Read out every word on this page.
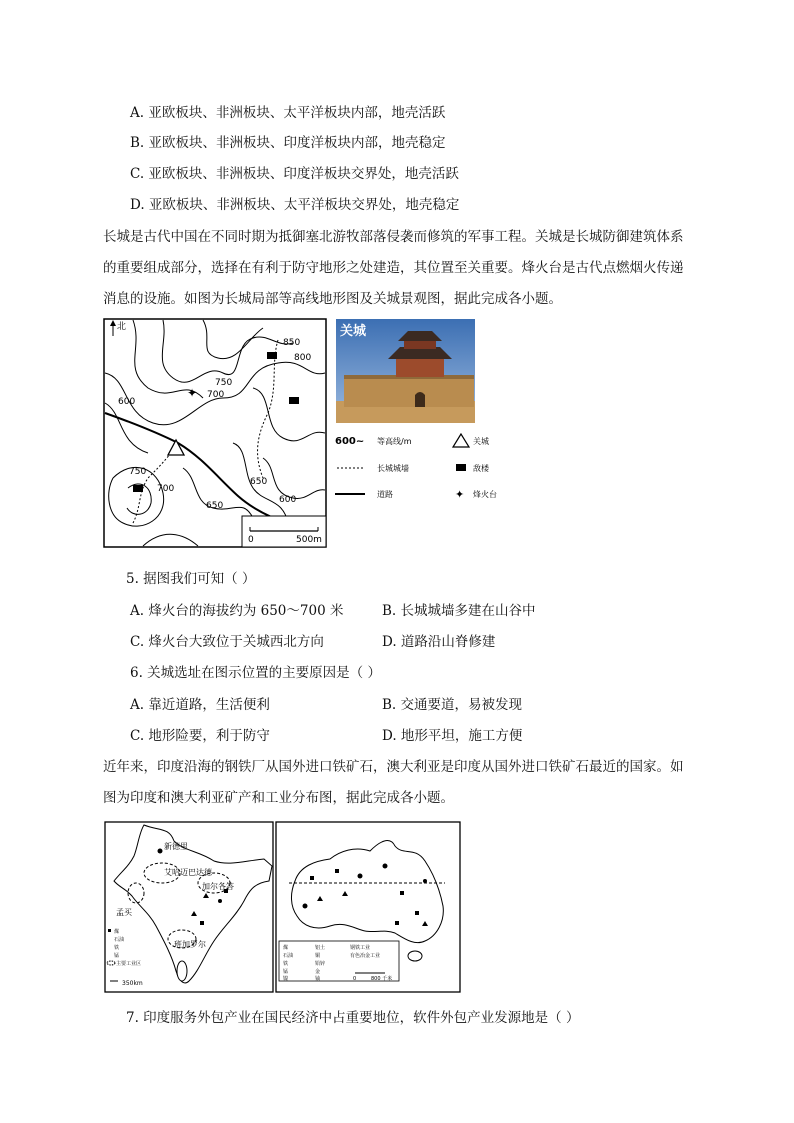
A. 亚欧板块、非洲板块、太平洋板块内部，地壳活跃
B. 亚欧板块、非洲板块、印度洋板块内部，地壳稳定
C. 亚欧板块、非洲板块、印度洋板块交界处，地壳活跃
D. 亚欧板块、非洲板块、太平洋板块交界处，地壳稳定
长城是古代中国在不同时期为抵御塞北游牧部落侵袭而修筑的军事工程。关城是长城防御建筑体系的重要组成部分，选择在有利于防守地形之处建造，其位置至关重要。烽火台是古代点燃烟火传递消息的设施。如图为长城局部等高线地形图及关城景观图，据此完成各小题。
✦
北
850
800
750
700
600
750
700
650
650
600
0	500m
关城
600~ 等高线/m
长城城墙
道路
关城
敌楼
✦ 烽火台
5. 据图我们可知（ ）
A. 烽火台的海拔约为 650～700 米	B. 长城城墙多建在山谷中
C. 烽火台大致位于关城西北方向	D. 道路沿山脊修建
6. 关城选址在图示位置的主要原因是（ ）
A. 靠近道路，生活便利	B. 交通要道，易被发现
C. 地形险要，利于防守	D. 地形平坦，施工方便
近年来，印度沿海的钢铁厂从国外进口铁矿石，澳大利亚是印度从国外进口铁矿石最近的国家。如图为印度和澳大利亚矿产和工业分布图，据此完成各小题。
新德里
艾哈迈巴达德
加尔各答
孟买
班加罗尔
煤
石油
铁
锰
主要工业区
350km
煤	铝土	钢铁工业
石油	铜	有色冶金工业
铁	铅锌
锰	金
镍	铀	0	800 千米
7. 印度服务外包产业在国民经济中占重要地位，软件外包产业发源地是（ ）
